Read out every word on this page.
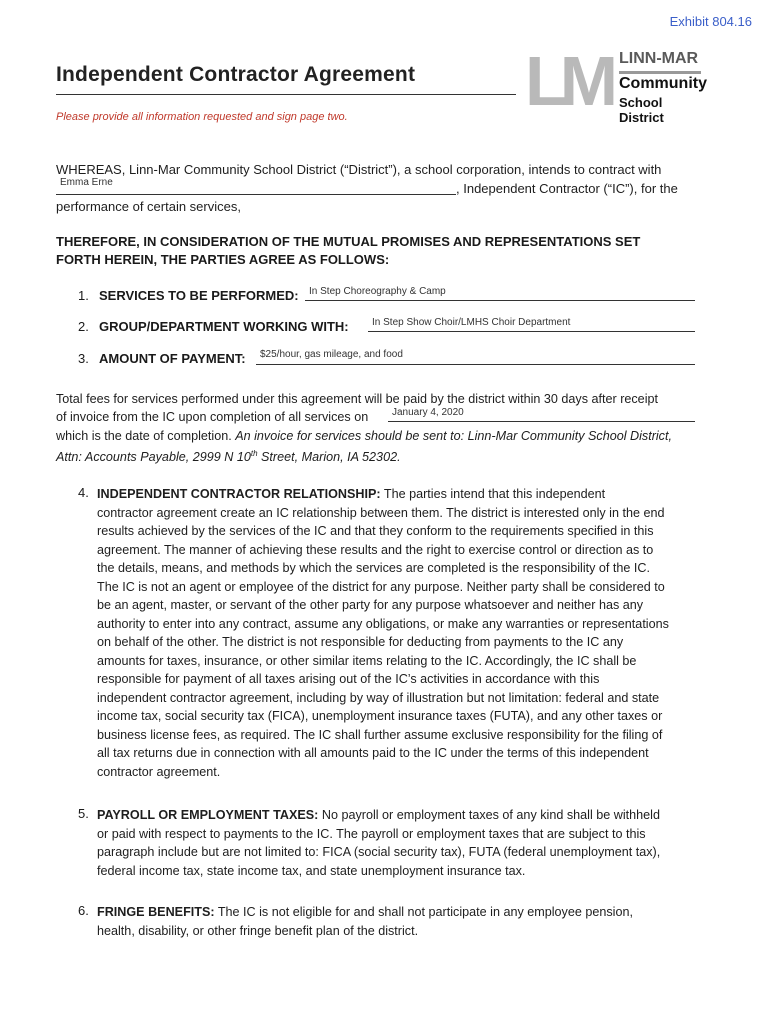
Exhibit 804.16
Independent Contractor Agreement
Please provide all information requested and sign page two.	LM LINN-MAR
Community
School District
WHEREAS, Linn-Mar Community School District (“District”), a school corporation, intends to contract with
Emma Erne	, Independent Contractor (“IC”), for the
performance of certain services,
THEREFORE, IN CONSIDERATION OF THE MUTUAL PROMISES AND REPRESENTATIONS SET
FORTH HEREIN, THE PARTIES AGREE AS FOLLOWS:
1. SERVICES TO BE PERFORMED: In Step Choreography & Camp
2. GROUP/DEPARTMENT WORKING WITH: In Step Show Choir/LMHS Choir Department
3. AMOUNT OF PAYMENT: $25/hour, gas mileage, and food
Total fees for services performed under this agreement will be paid by the district within 30 days after receipt
of invoice from the IC upon completion of all services on January 4, 2020
which is the date of completion. An invoice for services should be sent to: Linn-Mar Community School District,
Attn: Accounts Payable, 2999 N 10th Street, Marion, IA 52302.
4. INDEPENDENT CONTRACTOR RELATIONSHIP: The parties intend that this independent
contractor agreement create an IC relationship between them. The district is interested only in the end
results achieved by the services of the IC and that they conform to the requirements specified in this
agreement. The manner of achieving these results and the right to exercise control or direction as to
the details, means, and methods by which the services are completed is the responsibility of the IC.
The IC is not an agent or employee of the district for any purpose. Neither party shall be considered to
be an agent, master, or servant of the other party for any purpose whatsoever and neither has any
authority to enter into any contract, assume any obligations, or make any warranties or representations
on behalf of the other. The district is not responsible for deducting from payments to the IC any
amounts for taxes, insurance, or other similar items relating to the IC. Accordingly, the IC shall be
responsible for payment of all taxes arising out of the IC’s activities in accordance with this
independent contractor agreement, including by way of illustration but not limitation: federal and state
income tax, social security tax (FICA), unemployment insurance taxes (FUTA), and any other taxes or
business license fees, as required. The IC shall further assume exclusive responsibility for the filing of
all tax returns due in connection with all amounts paid to the IC under the terms of this independent
contractor agreement.
5. PAYROLL OR EMPLOYMENT TAXES: No payroll or employment taxes of any kind shall be withheld
or paid with respect to payments to the IC. The payroll or employment taxes that are subject to this
paragraph include but are not limited to: FICA (social security tax), FUTA (federal unemployment tax),
federal income tax, state income tax, and state unemployment insurance tax.
6. FRINGE BENEFITS: The IC is not eligible for and shall not participate in any employee pension,
health, disability, or other fringe benefit plan of the district.
